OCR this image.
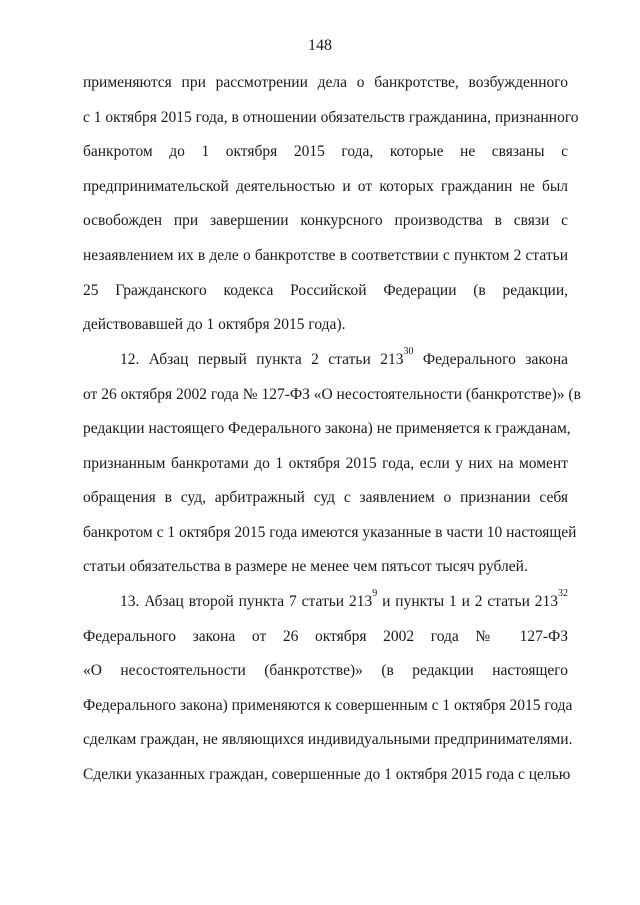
148
применяются при рассмотрении дела о банкротстве, возбужденного
с 1 октября 2015 года, в отношении обязательств гражданина, признанного
банкротом до 1 октября 2015 года, которые не связаны с
предпринимательской деятельностью и от которых гражданин не был
освобожден при завершении конкурсного производства в связи с
незаявлением их в деле о банкротстве в соответствии с пунктом 2 статьи
25 Гражданского кодекса Российской Федерации (в редакции,
действовавшей до 1 октября 2015 года).
12. Абзац первый пункта 2 статьи $213^{30}$ Федерального закона
от 26 октября 2002 года № 127-ФЗ «О несостоятельности (банкротстве)» (в
редакции настоящего Федерального закона) не применяется к гражданам,
признанным банкротами до 1 октября 2015 года, если у них на момент
обращения в суд, арбитражный суд с заявлением о признании себя
банкротом с 1 октября 2015 года имеются указанные в части 10 настоящей
статьи обязательства в размере не менее чем пятьсот тысяч рублей.
13. Абзац второй пункта 7 статьи $213^9$ и пункты 1 и 2 статьи $213^{32}$
Федерального закона от 26 октября 2002 года № 127-ФЗ
«О несостоятельности (банкротстве)» (в редакции настоящего
Федерального закона) применяются к совершенным с 1 октября 2015 года
сделкам граждан, не являющихся индивидуальными предпринимателями.
Сделки указанных граждан, совершенные до 1 октября 2015 года с целью
